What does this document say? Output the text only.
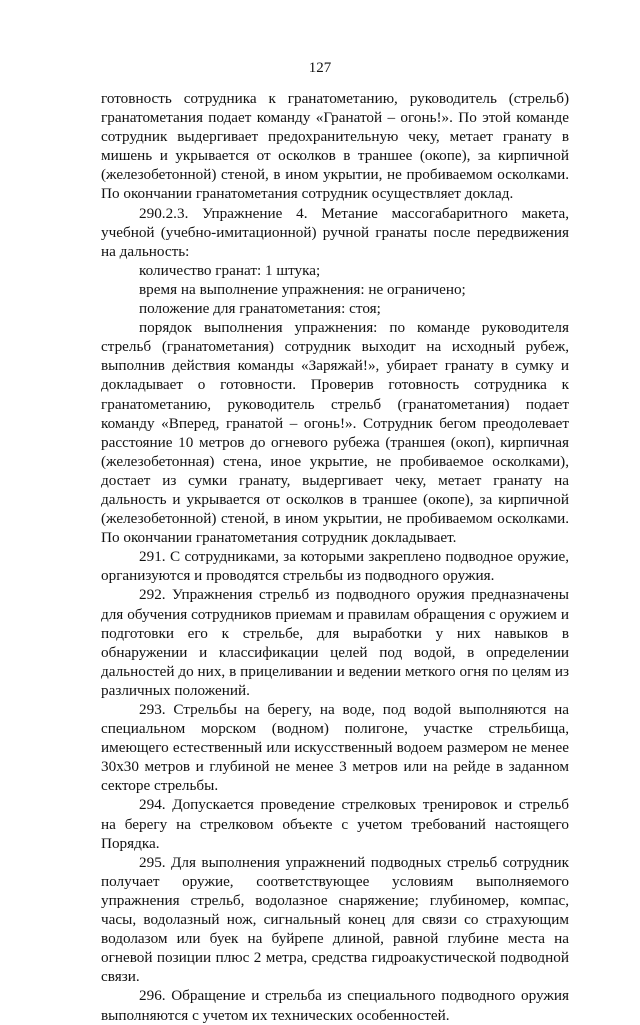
127

готовность сотрудника к гранатометанию, руководитель (стрельб) гранатометания подает команду «Гранатой – огонь!». По этой команде сотрудник выдергивает предохранительную чеку, метает гранату в мишень и укрывается от осколков в траншее (окопе), за кирпичной (железобетонной) стеной, в ином укрытии, не пробиваемом осколками. По окончании гранатометания сотрудник осуществляет доклад.

290.2.3. Упражнение 4. Метание массогабаритного макета, учебной (учебно-имитационной) ручной гранаты после передвижения на дальность:

количество гранат: 1 штука;

время на выполнение упражнения: не ограничено;

положение для гранатометания: стоя;

порядок выполнения упражнения: по команде руководителя стрельб (гранатометания) сотрудник выходит на исходный рубеж, выполнив действия команды «Заряжай!», убирает гранату в сумку и докладывает о готовности. Проверив готовность сотрудника к гранатометанию, руководитель стрельб (гранатометания) подает команду «Вперед, гранатой – огонь!». Сотрудник бегом преодолевает расстояние 10 метров до огневого рубежа (траншея (окоп), кирпичная (железобетонная) стена, иное укрытие, не пробиваемое осколками), достает из сумки гранату, выдергивает чеку, метает гранату на дальность и укрывается от осколков в траншее (окопе), за кирпичной (железобетонной) стеной, в ином укрытии, не пробиваемом осколками. По окончании гранатометания сотрудник докладывает.

291. С сотрудниками, за которыми закреплено подводное оружие, организуются и проводятся стрельбы из подводного оружия.

292. Упражнения стрельб из подводного оружия предназначены для обучения сотрудников приемам и правилам обращения с оружием и подготовки его к стрельбе, для выработки у них навыков в обнаружении и классификации целей под водой, в определении дальностей до них, в прицеливании и ведении меткого огня по целям из различных положений.

293. Стрельбы на берегу, на воде, под водой выполняются на специальном морском (водном) полигоне, участке стрельбища, имеющего естественный или искусственный водоем размером не менее 30х30 метров и глубиной не менее 3 метров или на рейде в заданном секторе стрельбы.

294. Допускается проведение стрелковых тренировок и стрельб на берегу на стрелковом объекте с учетом требований настоящего Порядка.

295. Для выполнения упражнений подводных стрельб сотрудник получает оружие, соответствующее условиям выполняемого упражнения стрельб, водолазное снаряжение; глубиномер, компас, часы, водолазный нож, сигнальный конец для связи со страхующим водолазом или буек на буйрепе длиной, равной глубине места на огневой позиции плюс 2 метра, средства гидроакустической подводной связи.

296. Обращение и стрельба из специального подводного оружия выполняются с учетом их технических особенностей.
